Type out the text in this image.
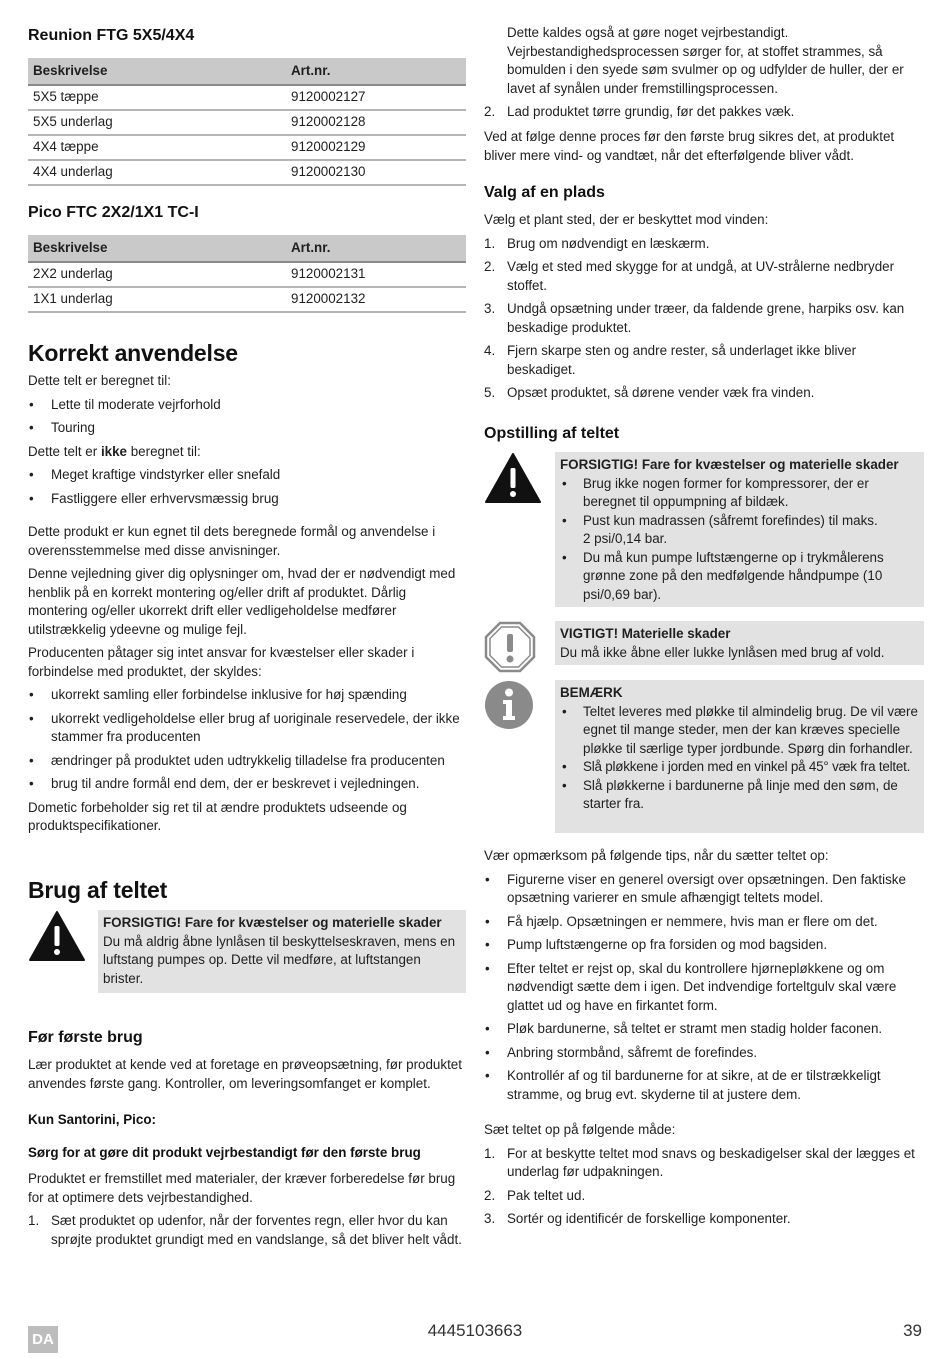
Reunion FTG 5X5/4X4
Beskrivelse	Art.nr.
5X5 tæppe	9120002127
5X5 underlag	9120002128
4X4 tæppe	9120002129
4X4 underlag	9120002130
Pico FTC 2X2/1X1 TC-I
Beskrivelse	Art.nr.
2X2 underlag	9120002131
1X1 underlag	9120002132
Korrekt anvendelse

Dette telt er beregnet til:

• Lette til moderate vejrforhold
• Touring

Dette telt er ikke beregnet til:

• Meget kraftige vindstyrker eller snefald
• Fastliggere eller erhvervsmæssig brug

Dette produkt er kun egnet til dets beregnede formål og anvendelse i overensstemmelse med disse anvisninger.

Denne vejledning giver dig oplysninger om, hvad der er nødvendigt med henblik på en korrekt montering og/eller drift af produktet. Dårlig montering og/eller ukorrekt drift eller vedligeholdelse medfører utilstrækkelig ydeevne og mulige fejl.

Producenten påtager sig intet ansvar for kvæstelser eller skader i forbindelse med produktet, der skyldes:

• ukorrekt samling eller forbindelse inklusive for høj spænding
• ukorrekt vedligeholdelse eller brug af uoriginale reservedele, der ikke stammer fra producenten
• ændringer på produktet uden udtrykkelig tilladelse fra producenten
• brug til andre formål end dem, der er beskrevet i vejledningen.

Dometic forbeholder sig ret til at ændre produktets udseende og produktspecifikationer.

Brug af teltet
FORSIGTIG! Fare for kvæstelser og materielle skader
Du må aldrig åbne lynlåsen til beskyttelseskraven, mens en luftstang pumpes op. Dette vil medføre, at luftstangen brister.
Før første brug

Lær produktet at kende ved at foretage en prøveopsætning, før produktet anvendes første gang. Kontroller, om leveringsomfanget er komplet.

Kun Santorini, Pico:
Sørg for at gøre dit produkt vejrbestandigt før den første brug

Produktet er fremstillet med materialer, der kræver forberedelse før brug for at optimere dets vejrbestandighed.

1. Sæt produktet op udenfor, når der forventes regn, eller hvor du kan sprøjte produktet grundigt med en vandslange, så det bliver helt vådt.
Dette kaldes også at gøre noget vejrbestandigt. Vejrbestandighedsprocessen sørger for, at stoffet strammes, så bomulden i den syede søm svulmer op og udfylder de huller, der er lavet af synålen under fremstillingsprocessen.
2. Lad produktet tørre grundig, før det pakkes væk.
Ved at følge denne proces før den første brug sikres det, at produktet bliver mere vind- og vandtæt, når det efterfølgende bliver vådt.
Valg af en plads

Vælg et plant sted, der er beskyttet mod vinden:

1. Brug om nødvendigt en læskærm.
2. Vælg et sted med skygge for at undgå, at UV-strålerne nedbryder stoffet.
3. Undgå opsætning under træer, da faldende grene, harpiks osv. kan beskadige produktet.
4. Fjern skarpe sten og andre rester, så underlaget ikke bliver beskadiget.
5. Opsæt produktet, så dørene vender væk fra vinden.
Opstilling af teltet
FORSIGTIG! Fare for kvæstelser og materielle skader
• Brug ikke nogen former for kompressorer, der er beregnet til oppumpning af bildæk.
• Pust kun madrassen (såfremt forefindes) til maks. 2 psi/0,14 bar.
• Du må kun pumpe luftstængerne op i trykmålerens grønne zone på den medfølgende håndpumpe (10 psi/0,69 bar).
VIGTIGT! Materielle skader
Du må ikke åbne eller lukke lynlåsen med brug af vold.
BEMÆRK
• Teltet leveres med pløkke til almindelig brug. De vil være egnet til mange steder, men der kan kræves specielle pløkke til særlige typer jordbunde. Spørg din forhandler.
• Slå pløkkene i jorden med en vinkel på 45° væk fra teltet.
• Slå pløkkerne i bardunerne på linje med den søm, de starter fra.

Vær opmærksom på følgende tips, når du sætter teltet op:

• Figurerne viser en generel oversigt over opsætningen. Den faktiske opsætning varierer en smule afhængigt teltets model.
• Få hjælp. Opsætningen er nemmere, hvis man er flere om det.
• Pump luftstængerne op fra forsiden og mod bagsiden.
• Efter teltet er rejst op, skal du kontrollere hjørnepløkkene og om nødvendigt sætte dem i igen. Det indvendige forteltgulv skal være glattet ud og have en firkantet form.
• Pløk bardunerne, så teltet er stramt men stadig holder faconen.
• Anbring stormbånd, såfremt de forefindes.
• Kontrollér af og til bardunerne for at sikre, at de er tilstrækkeligt stramme, og brug evt. skyderne til at justere dem.

Sæt teltet op på følgende måde:

1. For at beskytte teltet mod snavs og beskadigelser skal der lægges et underlag før udpakningen.
2. Pak teltet ud.
3. Sortér og identificér de forskellige komponenter.
DA	4445103663	39
